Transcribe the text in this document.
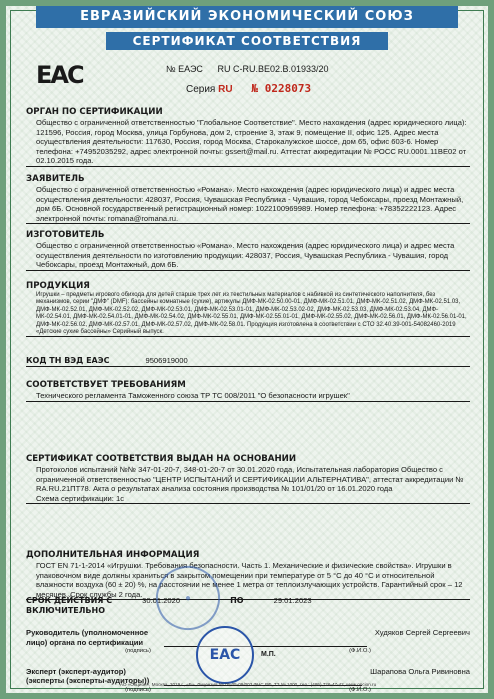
ЕВРАЗИЙСКИЙ ЭКОНОМИЧЕСКИЙ СОЮЗ
СЕРТИФИКАТ СООТВЕТСТВИЯ
EAC	№ ЕАЭС RU C-RU.BE02.B.01933/20
Серия RU № 0228073
ОРГАН ПО СЕРТИФИКАЦИИ
Общество с ограниченной ответственностью "Глобальное Соответствие". Место нахождения (адрес юридического лица): 121596, Россия, город Москва, улица Горбунова, дом 2, строение 3, этаж 9, помещение II, офис 125. Адрес места осуществления деятельности: 117630, Россия, город Москва, Старокалужское шоссе, дом 65, офис 603-6. Номер телефона: +74952035292, адрес электронной почты: gssert@mail.ru. Аттестат аккредитации № РОСС RU.0001.11BE02 от 02.10.2015 года.
ЗАЯВИТЕЛЬ
Общество с ограниченной ответственностью «Романа». Место нахождения (адрес юридического лица) и адрес места осуществления деятельности: 428037, Россия, Чувашская Республика - Чувашия, город Чебоксары, проезд Монтажный, дом 6Б. Основной государственный регистрационный номер: 1022100969989. Номер телефона: +78352222123. Адрес электронной почты: romana@romana.ru.
ИЗГОТОВИТЕЛЬ
Общество с ограниченной ответственностью «Романа». Место нахождения (адрес юридического лица) и адрес места осуществления деятельности по изготовлению продукции: 428037, Россия, Чувашская Республика - Чувашия, город Чебоксары, проезд Монтажный, дом 6Б.
ПРОДУКЦИЯ
Игрушки – предметы игрового обихода для детей старше трех лет из текстильных материалов с набивкой из синтетического наполнителя, без механизмов, серии "ДМФ" (DMF): бассейны комнатные (сухие), артикулы ДМФ-МК-02.50.00-01, ДМФ-МК-02.51.01, ДМФ-МК-02.51.02, ДМФ-МК-02.51.03, ДМФ-МК-02.52.01, ДМФ-МК-02.52.02, ДМФ-МК-02.53.01, ДМФ-МК-02.53.01-01, ДМФ-МК-02.53.02-02, ДМФ-МК-02.53.03, ДМФ-МК-02.53.04, ДМФ-МК-02.54.01, ДМФ-МК-02.54.01-01, ДМФ-МК-02.54.02, ДМФ-МК-02.55.01, ДМФ-МК-02.55.01-01, ДМФ-МК-02.55.02, ДМФ-МК-02.56.01, ДМФ-МК-02.56.01-01, ДМФ-МК-02.56.02, ДМФ-МК-02.57.01, ДМФ-МК-02.57.02, ДМФ-МК-02.58.01. Продукция изготовлена в соответствии с СТО 32.40.39-001-54082460-2019 «Детские сухие бассейны» Серийный выпуск.
КОД ТН ВЭД ЕАЭС	9506919000
СООТВЕТСТВУЕТ ТРЕБОВАНИЯМ
Технического регламента Таможенного союза ТР ТС 008/2011 "О безопасности игрушек"
СЕРТИФИКАТ СООТВЕТСТВИЯ ВЫДАН НА ОСНОВАНИИ
Протоколов испытаний №№ 347-01-20-7, 348-01-20-7 от 30.01.2020 года, Испытательная лаборатория Общество с ограниченной ответственностью "ЦЕНТР ИСПЫТАНИЙ И СЕРТИФИКАЦИИ АЛЬТЕРНАТИВА", аттестат аккредитации № RA.RU.21ПТ78. Акта о результатах анализа состояния производства № 101/01/20 от 16.01.2020 года
Схема сертификации: 1с
ДОПОЛНИТЕЛЬНАЯ ИНФОРМАЦИЯ
ГОСТ EN 71-1-2014 «Игрушки. Требования безопасности. Часть 1. Механические и физические свойства». Игрушки в упаковочном виде должны храниться в закрытом помещении при температуре от 5 °С до 40 °С и относительной влажности воздуха (60 ± 20) %, на расстоянии не менее 1 метра от теплоизлучающих устройств. Гарантийный срок – 12 месяцев. Срок службы 2 года.
СРОК ДЕЙСТВИЯ С	30.01.2020	ПО	29.01.2023
ВКЛЮЧИТЕЛЬНО
●
Руководитель (уполномоченное лицо) органа по сертификации
Худяков Сергей Сергеевич
(подпись)	(Ф.И.О.)
Эксперт (эксперт-аудитор) (эксперты (эксперты-аудиторы))
Шарапова Ольга Ривиновна
(подпись)	(Ф.И.О.)
EAC	М.П.
АО «Опцион», Москва, 2019 г., «Б». Лицензия № 05-05-09/003 ФНС РФ, ТЗ № 1000, тел.: (495) 726-47-42, www.opcion.ru
